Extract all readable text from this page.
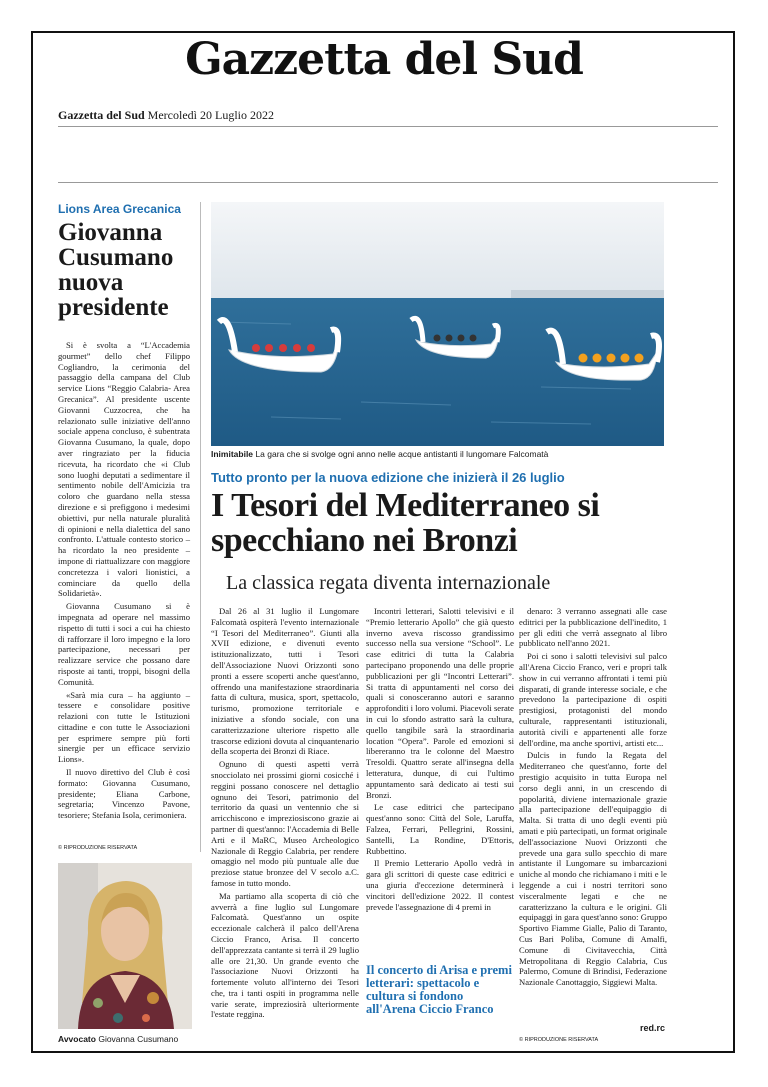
Gazzetta del Sud
Gazzetta del Sud Mercoledì 20 Luglio 2022
Lions Area Grecanica
Giovanna Cusumano nuova presidente

Si è svolta a “L'Accademia gourmet” dello chef Filippo Cogliandro, la cerimonia del passaggio della campana del Club service Lions “Reggio Calabria- Area Grecanica”. Al presidente uscente Giovanni Cuzzocrea, che ha relazionato sulle iniziative dell'anno sociale appena concluso, è subentrata Giovanna Cusumano, la quale, dopo aver ringraziato per la fiducia ricevuta, ha ricordato che «i Club sono luoghi deputati a sedimentare il sentimento nobile dell'Amicizia tra coloro che guardano nella stessa direzione e si prefiggono i medesimi obiettivi, pur nella naturale pluralità di opinioni e nella dialettica del sano confronto. L'attuale contesto storico – ha ricordato la neo presidente – impone di riattualizzare con maggiore concretezza i valori lionistici, a cominciare da quello della Solidarietà».

Giovanna Cusumano si è impegnata ad operare nel massimo rispetto di tutti i soci a cui ha chiesto di rafforzare il loro impegno e la loro partecipazione, necessari per realizzare service che possano dare risposte ai tanti, troppi, bisogni della Comunità.

«Sarà mia cura – ha aggiunto – tessere e consolidare positive relazioni con tutte le Istituzioni cittadine e con tutte le Associazioni per esprimere sempre più forti sinergie per un efficace servizio Lions».

Il nuovo direttivo del Club è così formato: Giovanna Cusumano, presidente; Eliana Carbone, segretaria; Vincenzo Pavone, tesoriere; Stefania Isola, cerimoniera.

© RIPRODUZIONE RISERVATA
Avvocato Giovanna Cusumano
Inimitabile La gara che si svolge ogni anno nelle acque antistanti il lungomare Falcomatà
Tutto pronto per la nuova edizione che inizierà il 26 luglio
I Tesori del Mediterraneo si specchiano nei Bronzi
La classica regata diventa internazionale

Dal 26 al 31 luglio il Lungomare Falcomatà ospiterà l'evento internazionale “I Tesori del Mediterraneo”. Giunti alla XVII edizione, e divenuti evento istituzionalizzato, tutti i Tesori dell'Associazione Nuovi Orizzonti sono pronti a essere scoperti anche quest'anno, offrendo una manifestazione straordinaria fatta di cultura, musica, sport, spettacolo, turismo, promozione territoriale e iniziative a sfondo sociale, con una caratterizzazione ulteriore rispetto alle trascorse edizioni dovuta al cinquantenario della scoperta dei Bronzi di Riace.

Ognuno di questi aspetti verrà snocciolato nei prossimi giorni cosicché i reggini possano conoscere nel dettaglio ognuno dei Tesori, patrimonio del territorio da quasi un ventennio che si arricchiscono e impreziosiscono grazie ai partner di quest'anno: l'Accademia di Belle Arti e il MaRC, Museo Archeologico Nazionale di Reggio Calabria, per rendere omaggio nel modo più puntuale alle due preziose statue bronzee del V secolo a.C. famose in tutto mondo.

Ma partiamo alla scoperta di ciò che avverrà a fine luglio sul Lungomare Falcomatà. Quest'anno un ospite eccezionale calcherà il palco dell'Arena Ciccio Franco, Arisa. Il concerto dell'apprezzata cantante si terrà il 29 luglio alle ore 21,30. Un grande evento che l'associazione Nuovi Orizzonti ha fortemente voluto all'interno dei Tesori che, tra i tanti ospiti in programma nelle varie serate, impreziosirà ulteriormente l'estate reggina.

Incontri letterari, Salotti televisivi e il “Premio letterario Apollo” che già questo inverno aveva riscosso grandissimo successo nella sua versione “School”. Le case editrici di tutta la Calabria partecipano proponendo una delle proprie pubblicazioni per gli “Incontri Letterari”. Si tratta di appuntamenti nel corso dei quali si conosceranno autori e saranno approfonditi i loro volumi. Piacevoli serate in cui lo sfondo astratto sarà la cultura, quello tangibile sarà la straordinaria location “Opera”. Parole ed emozioni si libereranno tra le colonne del Maestro Tresoldi. Quattro serate all'insegna della letteratura, dunque, di cui l'ultimo appuntamento sarà dedicato ai testi sui Bronzi.

Le case editrici che partecipano quest'anno sono: Città del Sole, Laruffa, Falzea, Ferrari, Pellegrini, Rossini, Santelli, La Rondine, D'Ettoris, Rubbettino.

Il Premio Letterario Apollo vedrà in gara gli scrittori di queste case editrici e una giuria d'eccezione determinerà i vincitori dell'edizione 2022. Il contest prevede l'assegnazione di 4 premi in

Il concerto di Arisa e premi letterari: spettacolo e cultura si fondono all'Arena Ciccio Franco

denaro: 3 verranno assegnati alle case editrici per la pubblicazione dell'inedito, 1 per gli editi che verrà assegnato al libro pubblicato nell'anno 2021.

Poi ci sono i salotti televisivi sul palco all'Arena Ciccio Franco, veri e propri talk show in cui verranno affrontati i temi più disparati, di grande interesse sociale, e che prevedono la partecipazione di ospiti prestigiosi, protagonisti del mondo culturale, rappresentanti istituzionali, autorità civili e appartenenti alle forze dell'ordine, ma anche sportivi, artisti etc...

Dulcis in fundo la Regata del Mediterraneo che quest'anno, forte del prestigio acquisito in tutta Europa nel corso degli anni, in un crescendo di popolarità, diviene internazionale grazie alla partecipazione dell'equipaggio di Malta. Si tratta di uno degli eventi più amati e più partecipati, un format originale dell'associazione Nuovi Orizzonti che prevede una gara sullo specchio di mare antistante il Lungomare su imbarcazioni uniche al mondo che richiamano i miti e le leggende a cui i nostri territori sono visceralmente legati e che ne caratterizzano la cultura e le origini. Gli equipaggi in gara quest'anno sono: Gruppo Sportivo Fiamme Gialle, Palio di Taranto, Cus Bari Poliba, Comune di Amalfi, Comune di Civitavecchia, Città Metropolitana di Reggio Calabria, Cus Palermo, Comune di Brindisi, Federazione Nazionale Canottaggio, Siggiewi Malta.

red.rc
© RIPRODUZIONE RISERVATA
